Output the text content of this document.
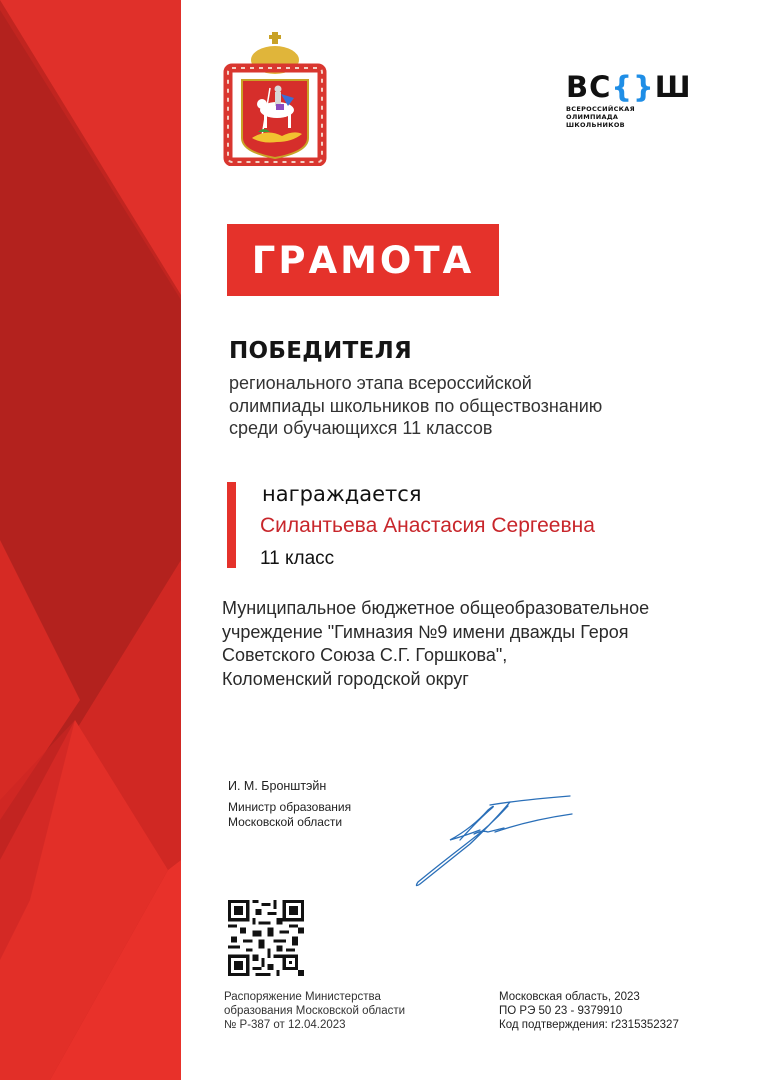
ВС { } Ш
ВСЕРОССИЙСКАЯ
ОЛИМПИАДА
ШКОЛЬНИКОВ
ГРАМОТА
ПОБЕДИТЕЛЯ
регионального этапа всероссийской
олимпиады школьников по обществознанию
среди обучающихся 11 классов
награждается
Силантьева Анастасия Сергеевна
11 класс
Муниципальное бюджетное общеобразовательное
учреждение "Гимназия №9 имени дважды Героя
Советского Союза С.Г. Горшкова",
Коломенский городской округ
И. М. Бронштэйн
Министр образования
Московской области
Распоряжение Министерства
образования Московской области
№ Р-387 от 12.04.2023
Московская область, 2023
ПО РЭ 50 23 - 9379910
Код подтверждения: r2315352327
